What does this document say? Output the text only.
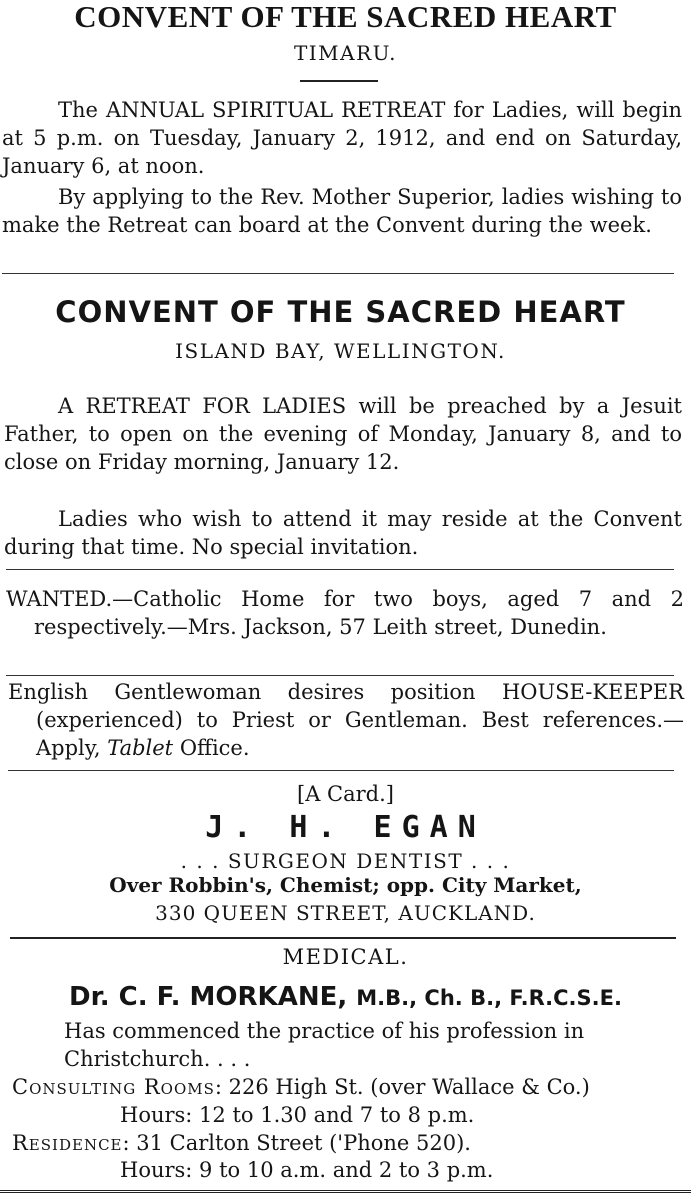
CONVENT OF THE SACRED HEART
TIMARU.

The ANNUAL SPIRITUAL RETREAT for Ladies, will begin at 5 p.m. on Tuesday, January 2, 1912, and end on Saturday, January 6, at noon.

By applying to the Rev. Mother Superior, ladies wishing to make the Retreat can board at the Convent during the week.

CONVENT OF THE SACRED HEART
ISLAND BAY, WELLINGTON.

A RETREAT FOR LADIES will be preached by a Jesuit Father, to open on the evening of Monday, January 8, and to close on Friday morning, January 12.

Ladies who wish to attend it may reside at the Convent during that time. No special invitation.

WANTED.—Catholic Home for two boys, aged 7 and 2 respectively.—Mrs. Jackson, 57 Leith street, Dunedin.

English Gentlewoman desires position HOUSE-KEEPER (experienced) to Priest or Gentleman. Best references.—Apply, Tablet Office.

[A Card.]
J. H. EGAN
. . . SURGEON DENTIST . . .
Over Robbin's, Chemist; opp. City Market,
330 QUEEN STREET, AUCKLAND.
MEDICAL.
Dr. C. F. MORKANE, M.B., Ch. B., F.R.C.S.E.

Has commenced the practice of his profession in Christchurch. . . .

Consulting Rooms: 226 High St. (over Wallace & Co.)
Hours: 12 to 1.30 and 7 to 8 p.m.
Residence: 31 Carlton Street ('Phone 520).
Hours: 9 to 10 a.m. and 2 to 3 p.m.
